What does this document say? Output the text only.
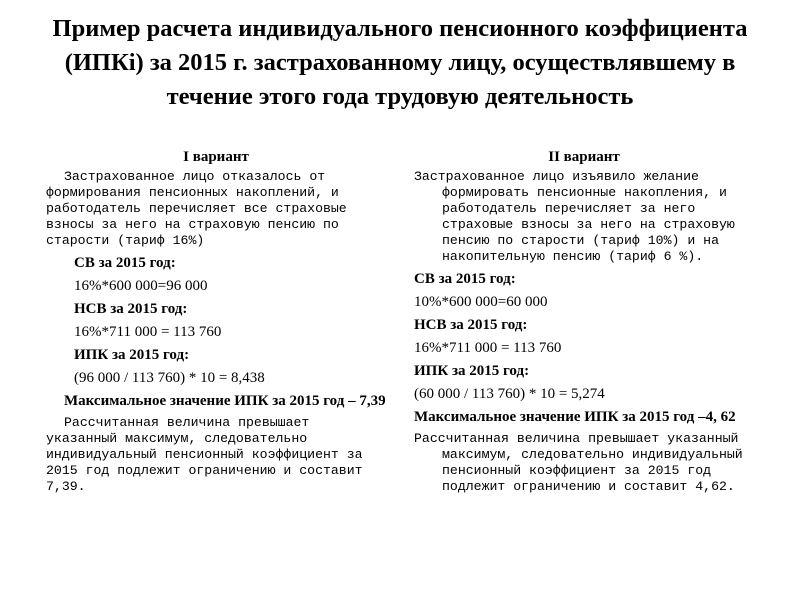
Пример расчета индивидуального пенсионного коэффициента (ИПКi) за 2015 г. застрахованному лицу, осуществлявшему в течение этого года трудовую деятельность
I вариант

Застрахованное лицо отказалось от формирования пенсионных накоплений, и работодатель перечисляет все страховые взносы за него на страховую пенсию по старости (тариф 16%)

СВ за 2015 год:

16%*600 000=96 000

НСВ за 2015 год:

16%*711 000 = 113 760

ИПК за 2015 год:

(96 000 / 113 760) * 10 = 8,438

Максимальное значение ИПК за 2015 год – 7,39

Рассчитанная величина превышает указанный максимум, следовательно индивидуальный пенсионный коэффициент за 2015 год подлежит ограничению и составит 7,39.

II вариант

Застрахованное лицо изъявило желание формировать пенсионные накопления, и работодатель перечисляет за него страховые взносы за него на страховую пенсию по старости (тариф 10%) и на накопительную пенсию (тариф 6 %).

СВ за 2015 год:

10%*600 000=60 000

НСВ за 2015 год:

16%*711 000 = 113 760

ИПК за 2015 год:

(60 000 / 113 760) * 10 = 5,274

Максимальное значение ИПК за 2015 год –4, 62

Рассчитанная величина превышает указанный максимум, следовательно индивидуальный пенсионный коэффициент за 2015 год подлежит ограничению и составит 4,62.
